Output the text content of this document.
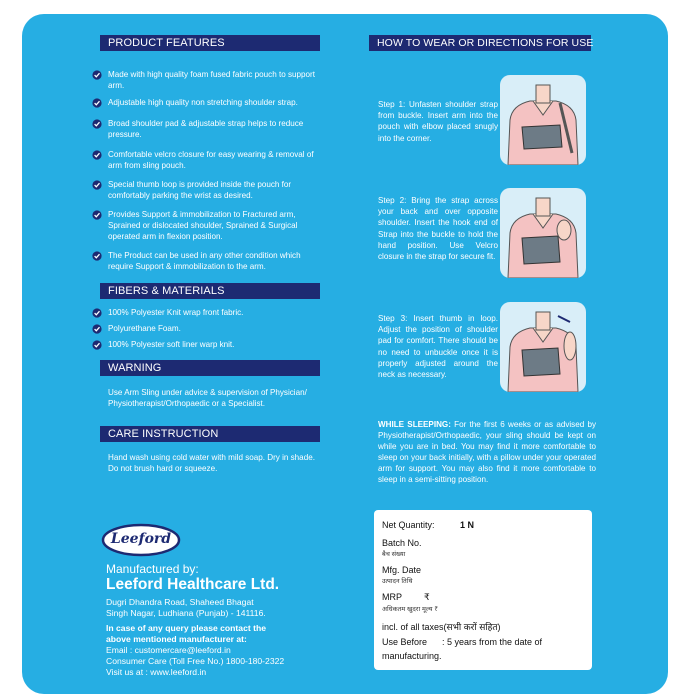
PRODUCT FEATURES
Made with high quality foam fused fabric pouch to support arm.
Adjustable high quality non stretching shoulder strap.
Broad shoulder pad & adjustable strap helps to reduce pressure.
Comfortable velcro closure for easy wearing & removal of arm from sling pouch.
Special thumb loop is provided inside the pouch for comfortably parking the wrist as desired.
Provides Support & immobilization to Fractured arm, Sprained or dislocated shoulder, Sprained & Surgical operated arm in flexion position.
The Product can be used in any other condition which require Support & immobilization to the arm.
FIBERS & MATERIALS
100% Polyester Knit wrap front fabric.
Polyurethane Foam.
100% Polyester soft liner warp knit.
WARNING
Use Arm Sling under advice & supervision of Physician/ Physiotherapist/Orthopaedic or a Specialist.
CARE INSTRUCTION
Hand wash using cold water with mild soap. Dry in shade. Do not brush hard or squeeze.
Leeford
Manufactured by:
Leeford Healthcare Ltd.
Dugri Dhandra Road, Shaheed Bhagat
Singh Nagar, Ludhiana (Punjab) - 141116.
In case of any query please contact the
above mentioned manufacturer at:
Email : customercare@leeford.in
Consumer Care (Toll Free No.) 1800-180-2322
Visit us at : www.leeford.in
HOW TO WEAR OR DIRECTIONS FOR USE
Step 1: Unfasten shoulder strap from buckle. Insert arm into the pouch with elbow placed snugly into the corner.
Step 2: Bring the strap across your back and over opposite shoulder. Insert the hook end of Strap into the buckle to hold the hand position. Use Velcro closure in the strap for secure fit.
Step 3: Insert thumb in loop. Adjust the position of shoulder pad for comfort. There should be no need to unbuckle once it is properly adjusted around the neck as necessary.
WHILE SLEEPING: For the first 6 weeks or as advised by Physiotherapist/Orthopaedic, your sling should be kept on while you are in bed. You may find it more comfortable to sleep on your back initially, with a pillow under your operated arm for support. You may also find it more comfortable to sleep in a semi-sitting position.
Net Quantity:	1 N
Batch No.
बैच संख्या
Mfg. Date
उत्पादन तिथि
MRP ₹
अधिकतम खुदरा मूल्य ₹
incl. of all taxes(सभी करों सहित)
Use Before : 5 years from the date of
manufacturing.
